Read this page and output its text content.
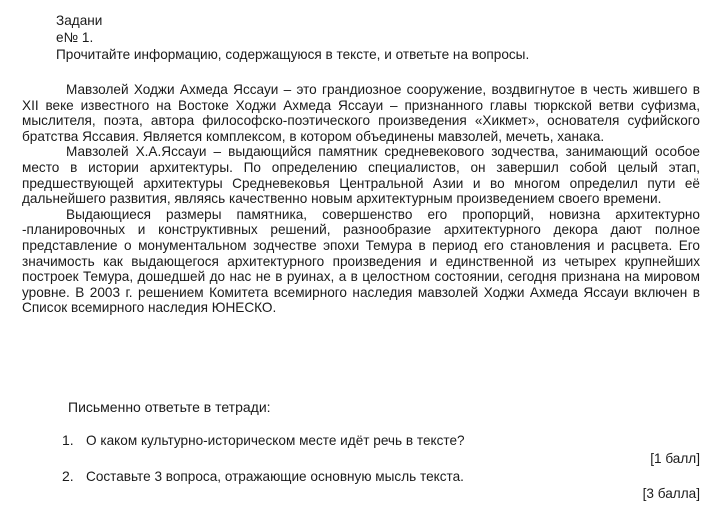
Задани
е№ 1.
Прочитайте информацию, содержащуюся в тексте, и ответьте на вопросы.

Мавзолей Ходжи Ахмеда Яссауи – это грандиозное сооружение, воздвигнутое в честь жившего в XII веке известного на Востоке Ходжи Ахмеда Яссауи – признанного главы тюркской ветви суфизма, мыслителя, поэта, автора философско-поэтического произведения «Хикмет», основателя суфийского братства Яссавия. Является комплексом, в котором объединены мавзолей, мечеть, ханака.

Мавзолей Х.А.Яссауи – выдающийся памятник средневекового зодчества, занимающий особое место в истории архитектуры. По определению специалистов, он завершил собой целый этап, предшествующей архитектуры Средневековья Центральной Азии и во многом определил пути её дальнейшего развития, являясь качественно новым архитектурным произведением своего времени.

Выдающиеся размеры памятника, совершенство его пропорций, новизна архитектурно -планировочных и конструктивных решений, разнообразие архитектурного декора дают полное представление о монументальном зодчестве эпохи Темура в период его становления и расцвета. Его значимость как выдающегося архитектурного произведения и единственной из четырех крупнейших построек Темура, дошедшей до нас не в руинах, а в целостном состоянии, сегодня признана на мировом уровне. В 2003 г. решением Комитета всемирного наследия мавзолей Ходжи Ахмеда Яссауи включен в Список всемирного наследия ЮНЕСКО.

Письменно ответьте в тетради:
1. О каком культурно-историческом месте идёт речь в тексте?
[1 балл]
2. Составьте 3 вопроса, отражающие основную мысль текста.
[3 балла]
